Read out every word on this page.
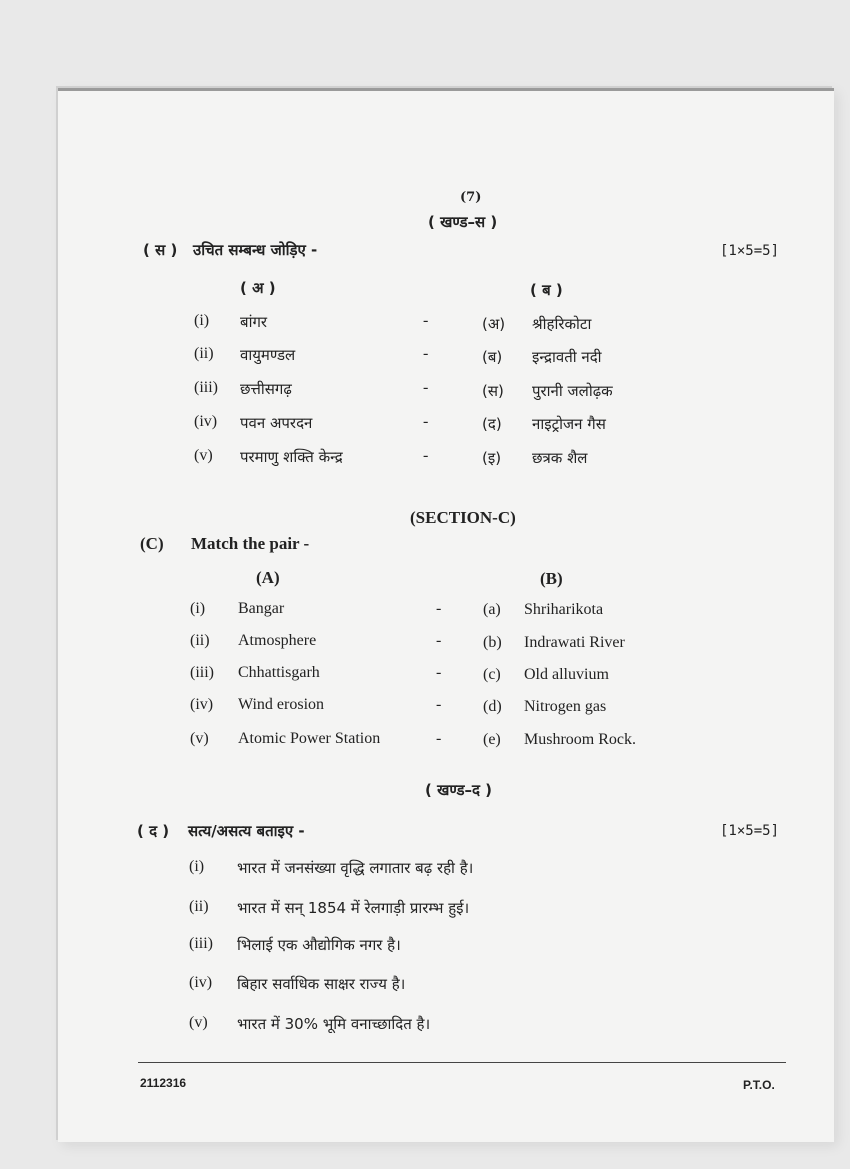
(7)
( खण्ड–स )
( स ) उचित सम्बन्ध जोड़िए -	[1×5=5]
( अ )	( ब )
(i) बांगर	-	(अ) श्रीहरिकोटा
(ii) वायुमण्डल	-	(ब) इन्द्रावती नदी
(iii) छत्तीसगढ़	-	(स) पुरानी जलोढ़क
(iv) पवन अपरदन	-	(द) नाइट्रोजन गैस
(v) परमाणु शक्ति केन्द्र	-	(इ) छत्रक शैल
(SECTION-C)
(C) Match the pair -
(A)	(B)
(i) Bangar	-	(a) Shriharikota
(ii) Atmosphere	-	(b) Indrawati River
(iii) Chhattisgarh	-	(c) Old alluvium
(iv) Wind erosion	-	(d) Nitrogen gas
(v) Atomic Power Station	-	(e) Mushroom Rock.
( खण्ड–द )
( द ) सत्य/असत्य बताइए -	[1×5=5]
(i) भारत में जनसंख्या वृद्धि लगातार बढ़ रही है।
(ii) भारत में सन् 1854 में रेलगाड़ी प्रारम्भ हुई।
(iii) भिलाई एक औद्योगिक नगर है।
(iv) बिहार सर्वाधिक साक्षर राज्य है।
(v) भारत में 30% भूमि वनाच्छादित है।
2112316	P.T.O.
